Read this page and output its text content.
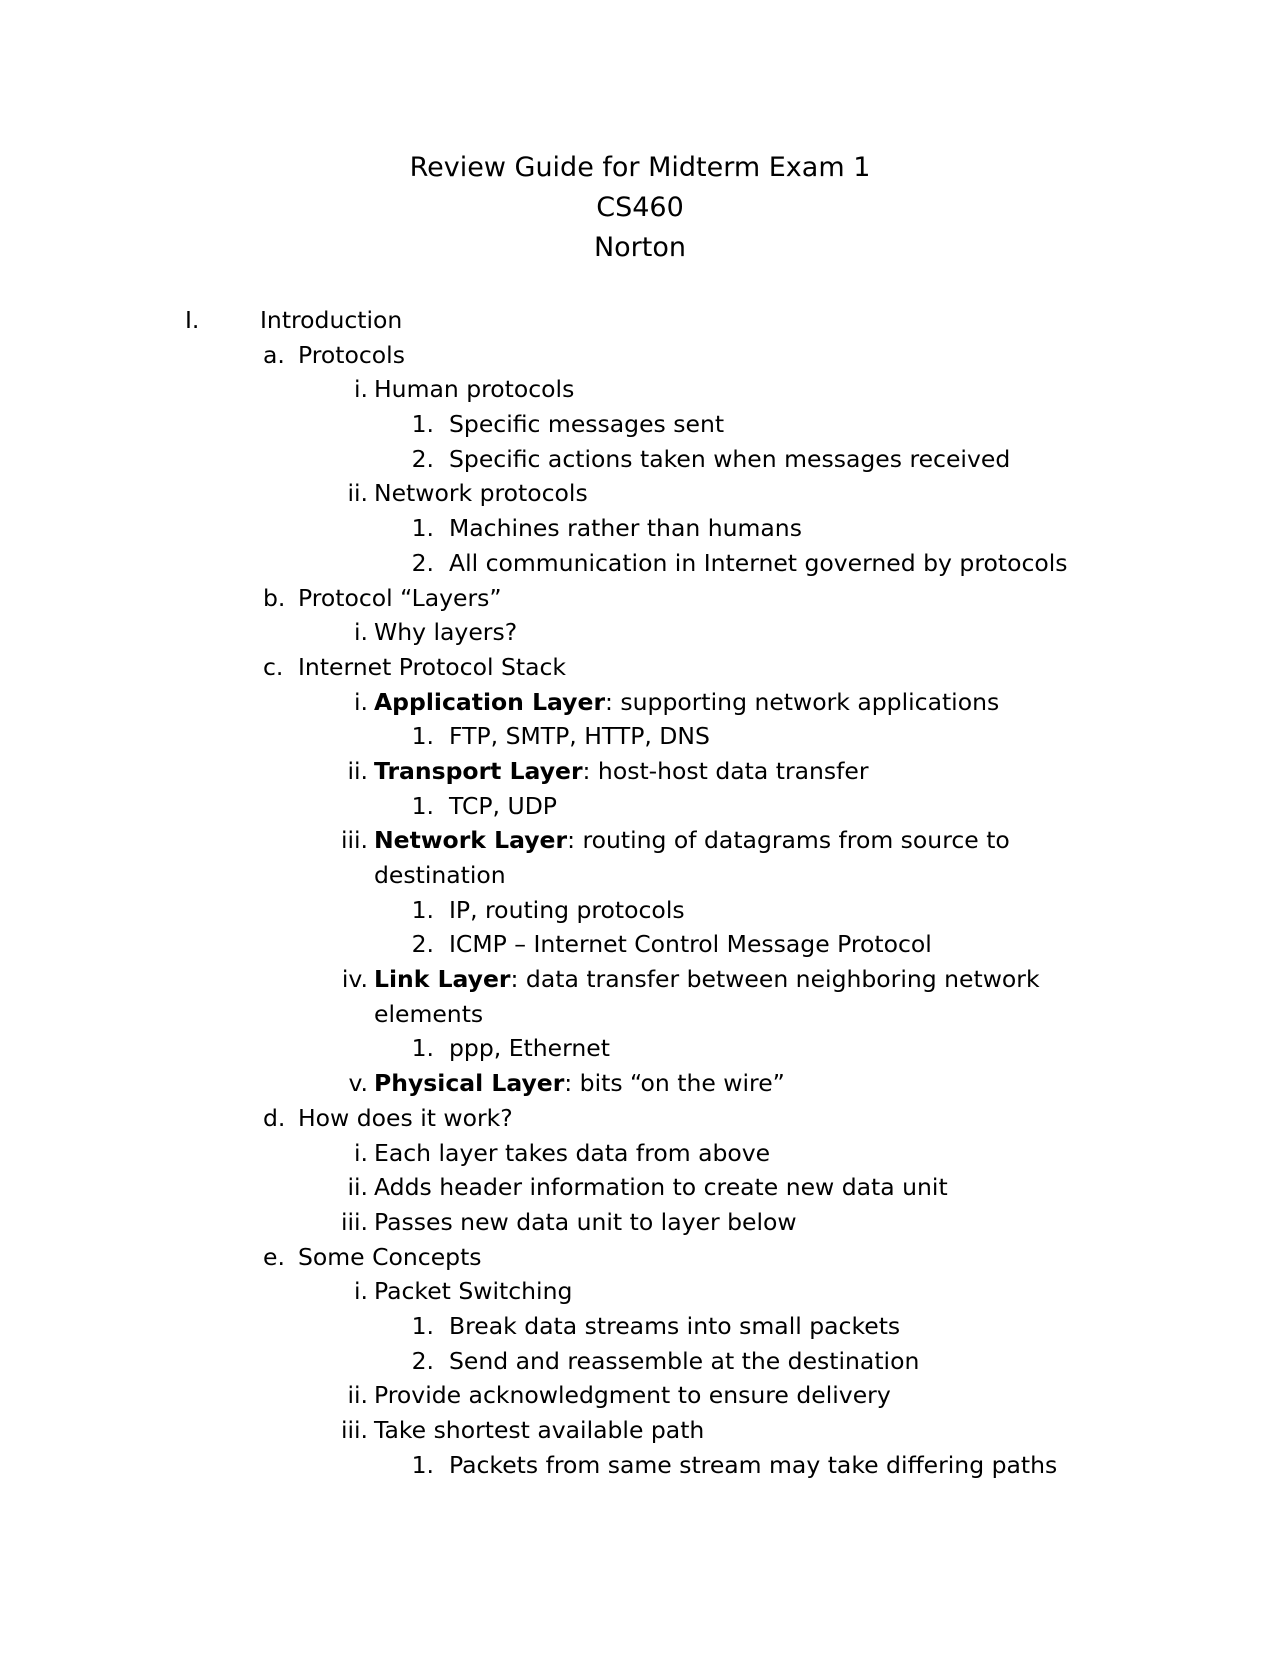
Review Guide for Midterm Exam 1
CS460
Norton
I.	Introduction
a. Protocols
i. Human protocols
1. Specific messages sent
2. Specific actions taken when messages received
ii. Network protocols
1. Machines rather than humans
2. All communication in Internet governed by protocols
b. Protocol “Layers”
i. Why layers?
c. Internet Protocol Stack
i. Application Layer: supporting network applications
1. FTP, SMTP, HTTP, DNS
ii. Transport Layer: host-host data transfer
1. TCP, UDP
iii. Network Layer: routing of datagrams from source to
destination
1. IP, routing protocols
2. ICMP – Internet Control Message Protocol
iv. Link Layer: data transfer between neighboring network
elements
1. ppp, Ethernet
v. Physical Layer: bits “on the wire”
d. How does it work?
i. Each layer takes data from above
ii. Adds header information to create new data unit
iii. Passes new data unit to layer below
e. Some Concepts
i. Packet Switching
1. Break data streams into small packets
2. Send and reassemble at the destination
ii. Provide acknowledgment to ensure delivery
iii. Take shortest available path
1. Packets from same stream may take differing paths
